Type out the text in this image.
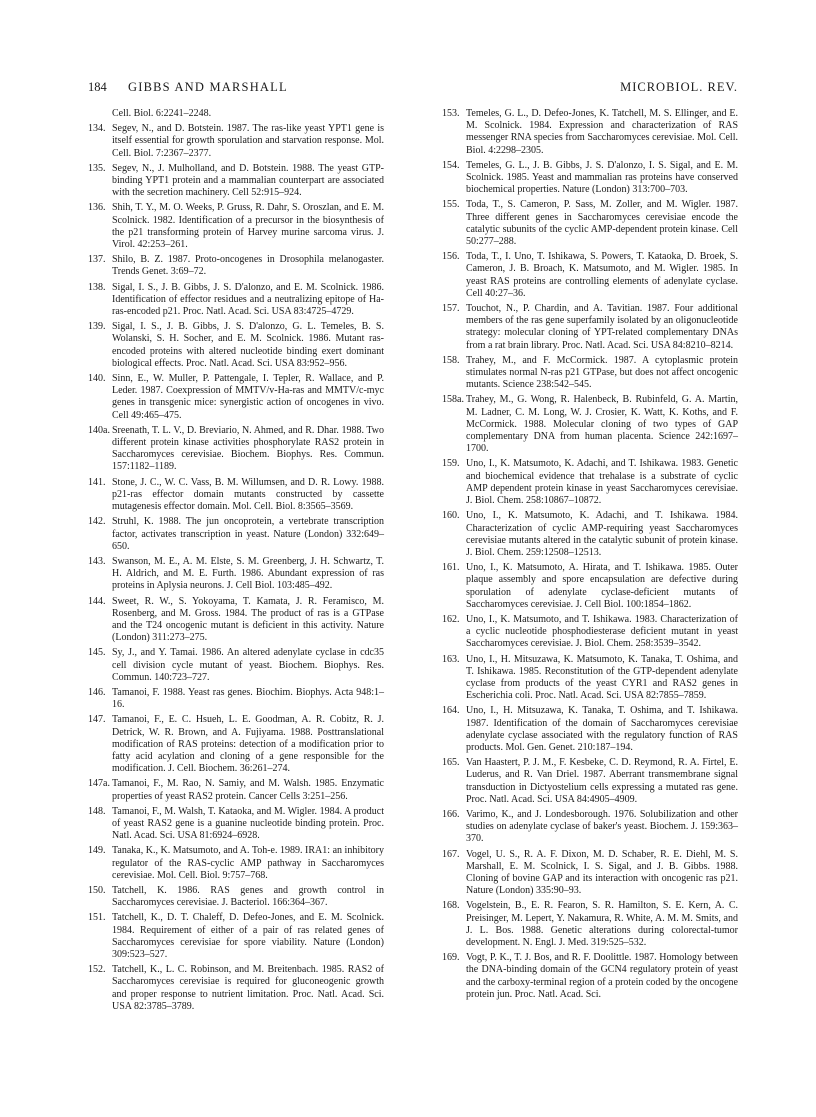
184 GIBBS AND MARSHALL	MICROBIOL. REV.

Cell. Biol. 6:2241–2248.

134. Segev, N., and D. Botstein. 1987. The ras-like yeast YPT1 gene is itself essential for growth sporulation and starvation response. Mol. Cell. Biol. 7:2367–2377.

135. Segev, N., J. Mulholland, and D. Botstein. 1988. The yeast GTP-binding YPT1 protein and a mammalian counterpart are associated with the secretion machinery. Cell 52:915–924.

136. Shih, T. Y., M. O. Weeks, P. Gruss, R. Dahr, S. Oroszlan, and E. M. Scolnick. 1982. Identification of a precursor in the biosynthesis of the p21 transforming protein of Harvey murine sarcoma virus. J. Virol. 42:253–261.

137. Shilo, B. Z. 1987. Proto-oncogenes in Drosophila melanogaster. Trends Genet. 3:69–72.

138. Sigal, I. S., J. B. Gibbs, J. S. D'alonzo, and E. M. Scolnick. 1986. Identification of effector residues and a neutralizing epitope of Ha-ras-encoded p21. Proc. Natl. Acad. Sci. USA 83:4725–4729.

139. Sigal, I. S., J. B. Gibbs, J. S. D'alonzo, G. L. Temeles, B. S. Wolanski, S. H. Socher, and E. M. Scolnick. 1986. Mutant ras-encoded proteins with altered nucleotide binding exert dominant biological effects. Proc. Natl. Acad. Sci. USA 83:952–956.

140. Sinn, E., W. Muller, P. Pattengale, I. Tepler, R. Wallace, and P. Leder. 1987. Coexpression of MMTV/v-Ha-ras and MMTV/c-myc genes in transgenic mice: synergistic action of oncogenes in vivo. Cell 49:465–475.

140a. Sreenath, T. L. V., D. Breviario, N. Ahmed, and R. Dhar. 1988. Two different protein kinase activities phosphorylate RAS2 protein in Saccharomyces cerevisiae. Biochem. Biophys. Res. Commun. 157:1182–1189.

141. Stone, J. C., W. C. Vass, B. M. Willumsen, and D. R. Lowy. 1988. p21-ras effector domain mutants constructed by cassette mutagenesis effector domain. Mol. Cell. Biol. 8:3565–3569.

142. Struhl, K. 1988. The jun oncoprotein, a vertebrate transcription factor, activates transcription in yeast. Nature (London) 332:649–650.

143. Swanson, M. E., A. M. Elste, S. M. Greenberg, J. H. Schwartz, T. H. Aldrich, and M. E. Furth. 1986. Abundant expression of ras proteins in Aplysia neurons. J. Cell Biol. 103:485–492.

144. Sweet, R. W., S. Yokoyama, T. Kamata, J. R. Feramisco, M. Rosenberg, and M. Gross. 1984. The product of ras is a GTPase and the T24 oncogenic mutant is deficient in this activity. Nature (London) 311:273–275.

145. Sy, J., and Y. Tamai. 1986. An altered adenylate cyclase in cdc35 cell division cycle mutant of yeast. Biochem. Biophys. Res. Commun. 140:723–727.

146. Tamanoi, F. 1988. Yeast ras genes. Biochim. Biophys. Acta 948:1–16.

147. Tamanoi, F., E. C. Hsueh, L. E. Goodman, A. R. Cobitz, R. J. Detrick, W. R. Brown, and A. Fujiyama. 1988. Posttranslational modification of RAS proteins: detection of a modification prior to fatty acid acylation and cloning of a gene responsible for the modification. J. Cell. Biochem. 36:261–274.

147a. Tamanoi, F., M. Rao, N. Samiy, and M. Walsh. 1985. Enzymatic properties of yeast RAS2 protein. Cancer Cells 3:251–256.

148. Tamanoi, F., M. Walsh, T. Kataoka, and M. Wigler. 1984. A product of yeast RAS2 gene is a guanine nucleotide binding protein. Proc. Natl. Acad. Sci. USA 81:6924–6928.

149. Tanaka, K., K. Matsumoto, and A. Toh-e. 1989. IRA1: an inhibitory regulator of the RAS-cyclic AMP pathway in Saccharomyces cerevisiae. Mol. Cell. Biol. 9:757–768.

150. Tatchell, K. 1986. RAS genes and growth control in Saccharomyces cerevisiae. J. Bacteriol. 166:364–367.

151. Tatchell, K., D. T. Chaleff, D. Defeo-Jones, and E. M. Scolnick. 1984. Requirement of either of a pair of ras related genes of Saccharomyces cerevisiae for spore viability. Nature (London) 309:523–527.

152. Tatchell, K., L. C. Robinson, and M. Breitenbach. 1985. RAS2 of Saccharomyces cerevisiae is required for gluconeogenic growth and proper response to nutrient limitation. Proc. Natl. Acad. Sci. USA 82:3785–3789.

153. Temeles, G. L., D. Defeo-Jones, K. Tatchell, M. S. Ellinger, and E. M. Scolnick. 1984. Expression and characterization of RAS messenger RNA species from Saccharomyces cerevisiae. Mol. Cell. Biol. 4:2298–2305.

154. Temeles, G. L., J. B. Gibbs, J. S. D'alonzo, I. S. Sigal, and E. M. Scolnick. 1985. Yeast and mammalian ras proteins have conserved biochemical properties. Nature (London) 313:700–703.

155. Toda, T., S. Cameron, P. Sass, M. Zoller, and M. Wigler. 1987. Three different genes in Saccharomyces cerevisiae encode the catalytic subunits of the cyclic AMP-dependent protein kinase. Cell 50:277–288.

156. Toda, T., I. Uno, T. Ishikawa, S. Powers, T. Kataoka, D. Broek, S. Cameron, J. B. Broach, K. Matsumoto, and M. Wigler. 1985. In yeast RAS proteins are controlling elements of adenylate cyclase. Cell 40:27–36.

157. Touchot, N., P. Chardin, and A. Tavitian. 1987. Four additional members of the ras gene superfamily isolated by an oligonucleotide strategy: molecular cloning of YPT-related complementary DNAs from a rat brain library. Proc. Natl. Acad. Sci. USA 84:8210–8214.

158. Trahey, M., and F. McCormick. 1987. A cytoplasmic protein stimulates normal N-ras p21 GTPase, but does not affect oncogenic mutants. Science 238:542–545.

158a. Trahey, M., G. Wong, R. Halenbeck, B. Rubinfeld, G. A. Martin, M. Ladner, C. M. Long, W. J. Crosier, K. Watt, K. Koths, and F. McCormick. 1988. Molecular cloning of two types of GAP complementary DNA from human placenta. Science 242:1697–1700.

159. Uno, I., K. Matsumoto, K. Adachi, and T. Ishikawa. 1983. Genetic and biochemical evidence that trehalase is a substrate of cyclic AMP dependent protein kinase in yeast Saccharomyces cerevisiae. J. Biol. Chem. 258:10867–10872.

160. Uno, I., K. Matsumoto, K. Adachi, and T. Ishikawa. 1984. Characterization of cyclic AMP-requiring yeast Saccharomyces cerevisiae mutants altered in the catalytic subunit of protein kinase. J. Biol. Chem. 259:12508–12513.

161. Uno, I., K. Matsumoto, A. Hirata, and T. Ishikawa. 1985. Outer plaque assembly and spore encapsulation are defective during sporulation of adenylate cyclase-deficient mutants of Saccharomyces cerevisiae. J. Cell Biol. 100:1854–1862.

162. Uno, I., K. Matsumoto, and T. Ishikawa. 1983. Characterization of a cyclic nucleotide phosphodiesterase deficient mutant in yeast Saccharomyces cerevisiae. J. Biol. Chem. 258:3539–3542.

163. Uno, I., H. Mitsuzawa, K. Matsumoto, K. Tanaka, T. Oshima, and T. Ishikawa. 1985. Reconstitution of the GTP-dependent adenylate cyclase from products of the yeast CYR1 and RAS2 genes in Escherichia coli. Proc. Natl. Acad. Sci. USA 82:7855–7859.

164. Uno, I., H. Mitsuzawa, K. Tanaka, T. Oshima, and T. Ishikawa. 1987. Identification of the domain of Saccharomyces cerevisiae adenylate cyclase associated with the regulatory function of RAS products. Mol. Gen. Genet. 210:187–194.

165. Van Haastert, P. J. M., F. Kesbeke, C. D. Reymond, R. A. Firtel, E. Luderus, and R. Van Driel. 1987. Aberrant transmembrane signal transduction in Dictyostelium cells expressing a mutated ras gene. Proc. Natl. Acad. Sci. USA 84:4905–4909.

166. Varimo, K., and J. Londesborough. 1976. Solubilization and other studies on adenylate cyclase of baker's yeast. Biochem. J. 159:363–370.

167. Vogel, U. S., R. A. F. Dixon, M. D. Schaber, R. E. Diehl, M. S. Marshall, E. M. Scolnick, I. S. Sigal, and J. B. Gibbs. 1988. Cloning of bovine GAP and its interaction with oncogenic ras p21. Nature (London) 335:90–93.

168. Vogelstein, B., E. R. Fearon, S. R. Hamilton, S. E. Kern, A. C. Preisinger, M. Lepert, Y. Nakamura, R. White, A. M. M. Smits, and J. L. Bos. 1988. Genetic alterations during colorectal-tumor development. N. Engl. J. Med. 319:525–532.

169. Vogt, P. K., T. J. Bos, and R. F. Doolittle. 1987. Homology between the DNA-binding domain of the GCN4 regulatory protein of yeast and the carboxy-terminal region of a protein coded by the oncogene protein jun. Proc. Natl. Acad. Sci.
